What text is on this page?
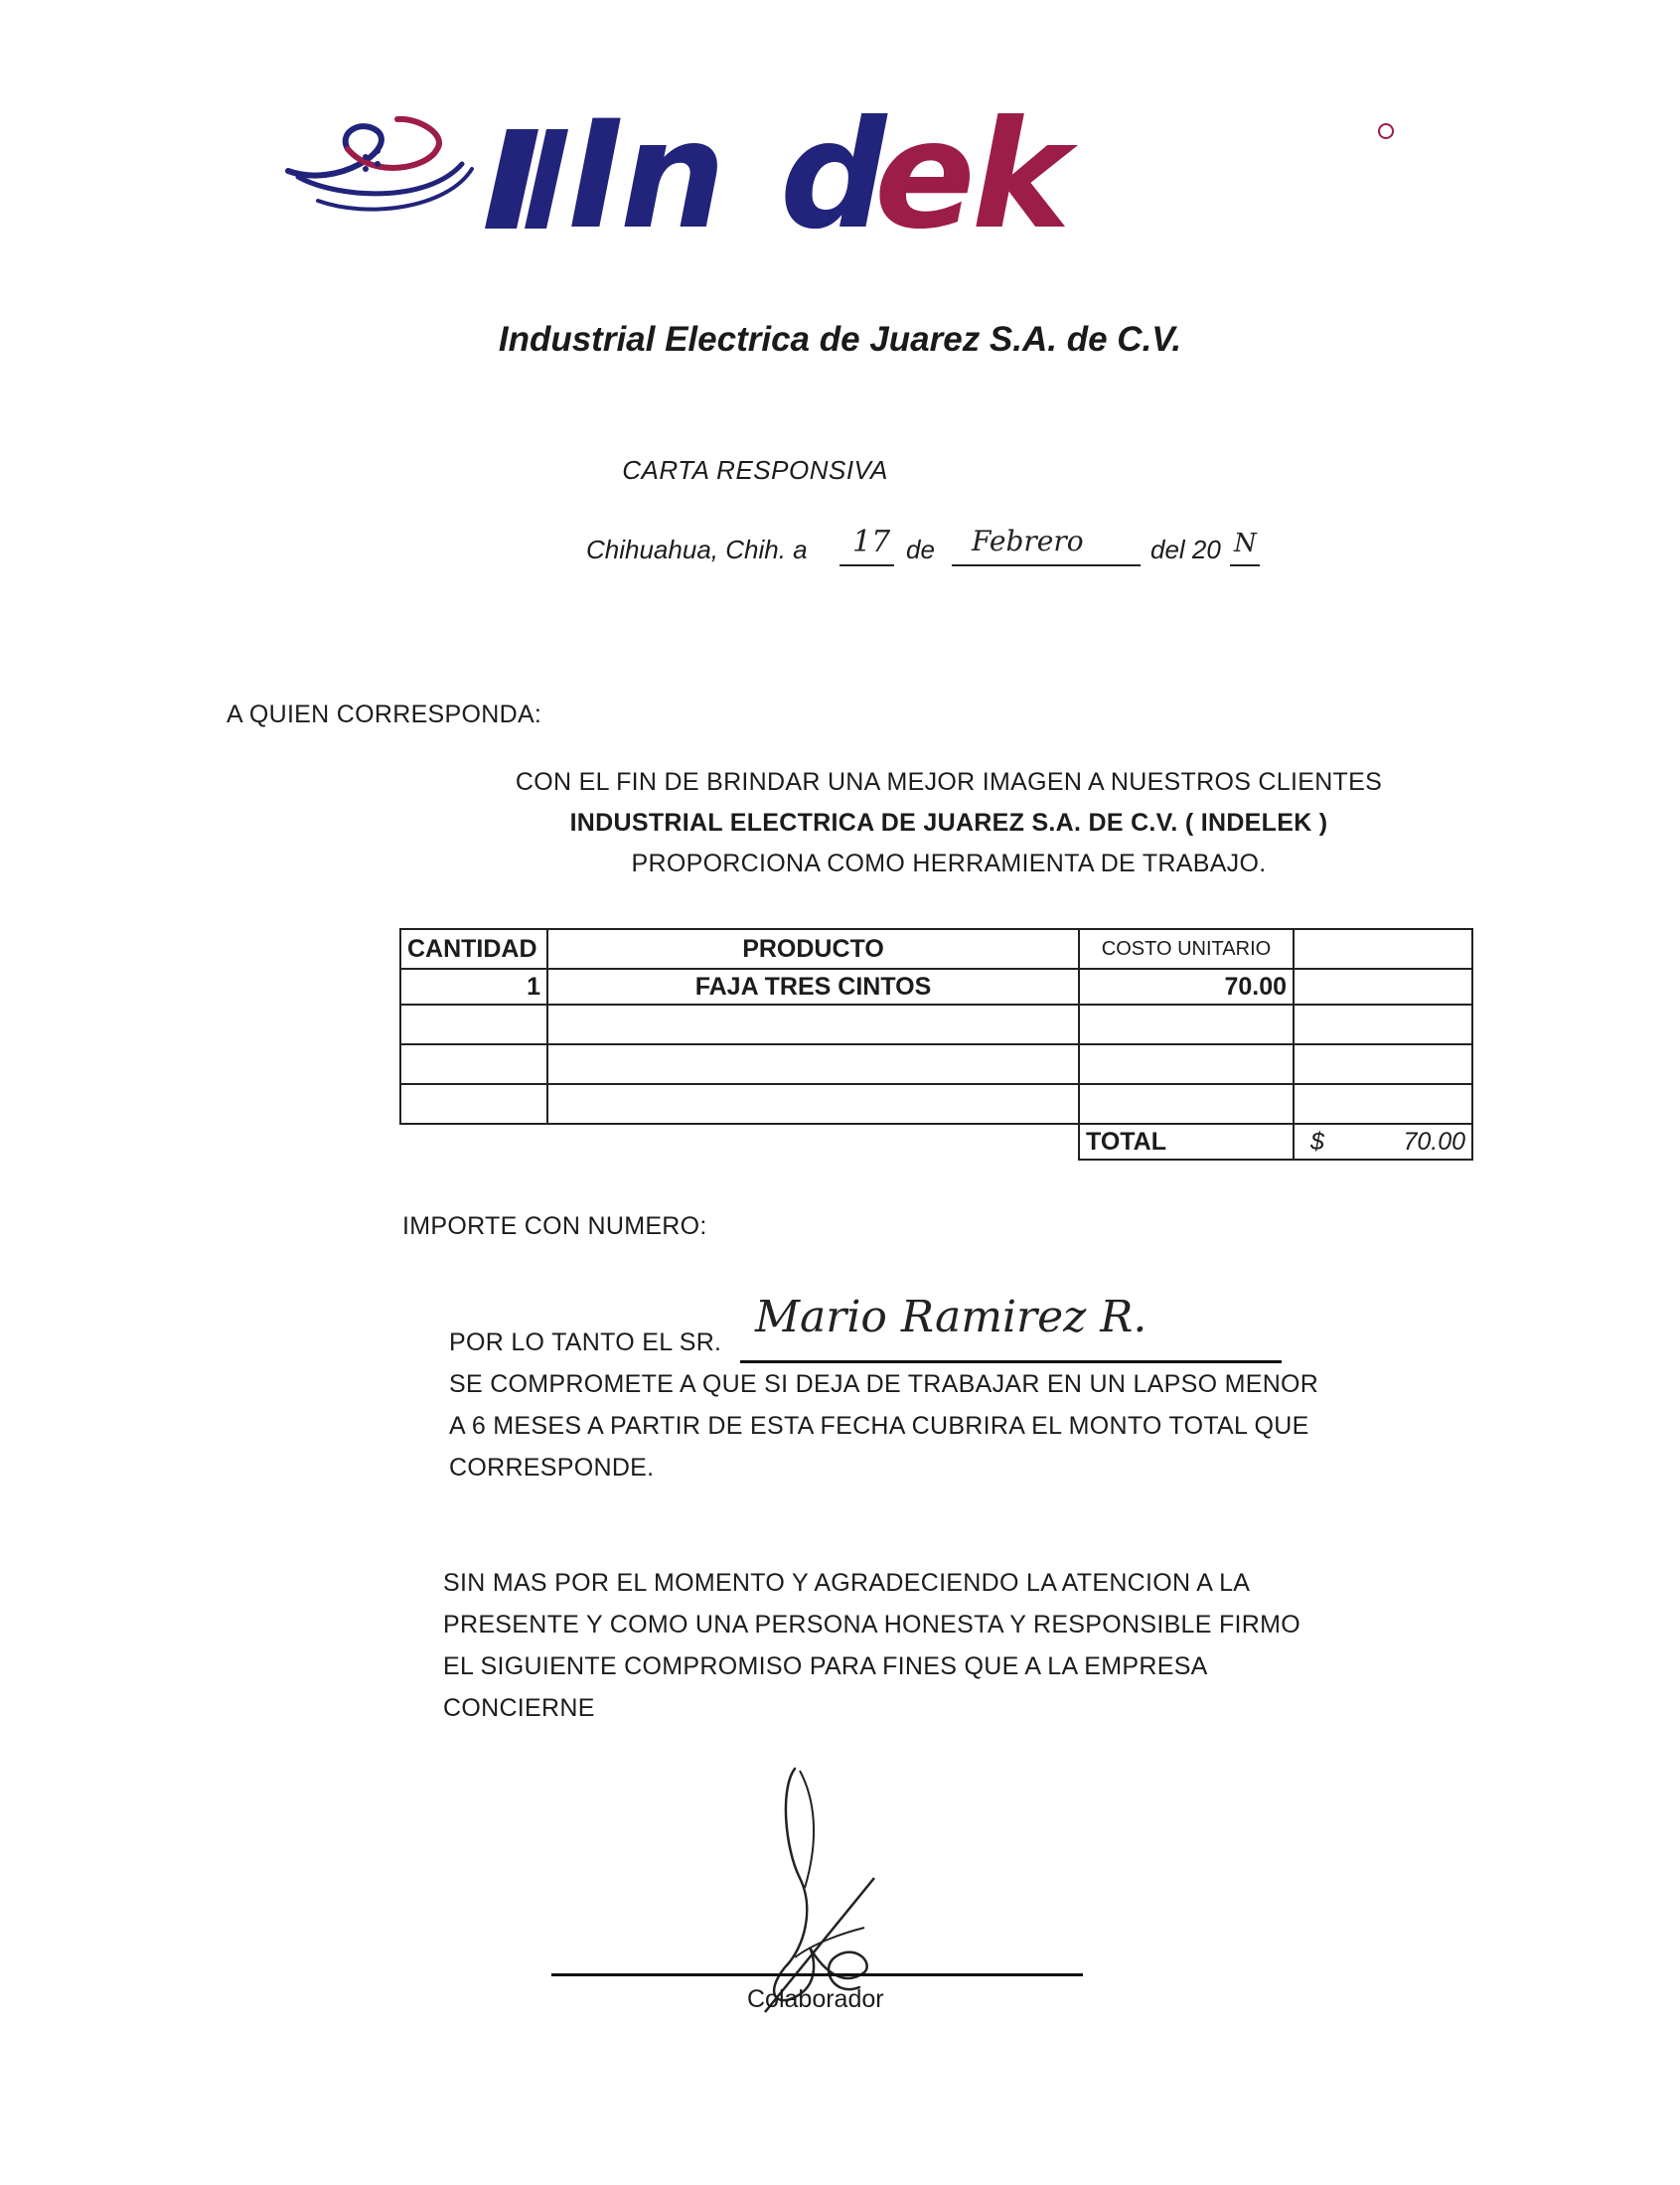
In d
ek
Industrial Electrica de Juarez S.A. de C.V.
CARTA RESPONSIVA
Chihuahua, Chih. a 17 de Febrero	del 20 N
A QUIEN CORRESPONDA:
CON EL FIN DE BRINDAR UNA MEJOR IMAGEN A NUESTROS CLIENTES
INDUSTRIAL ELECTRICA DE JUAREZ S.A. DE C.V. ( INDELEK )
PROPORCIONA COMO HERRAMIENTA DE TRABAJO.
CANTIDAD	PRODUCTO	COSTO UNITARIO	
1	FAJA TRES CINTOS	70.00	

		TOTAL	$ 70.00
IMPORTE CON NUMERO:
POR LO TANTO EL SR. Mario Ramirez R.
SE COMPROMETE A QUE SI DEJA DE TRABAJAR EN UN LAPSO MENOR
A 6 MESES A PARTIR DE ESTA FECHA CUBRIRA EL MONTO TOTAL QUE
CORRESPONDE.
SIN MAS POR EL MOMENTO Y AGRADECIENDO LA ATENCION A LA
PRESENTE Y COMO UNA PERSONA HONESTA Y RESPONSIBLE FIRMO
EL SIGUIENTE COMPROMISO PARA FINES QUE A LA EMPRESA
CONCIERNE
Colaborador
